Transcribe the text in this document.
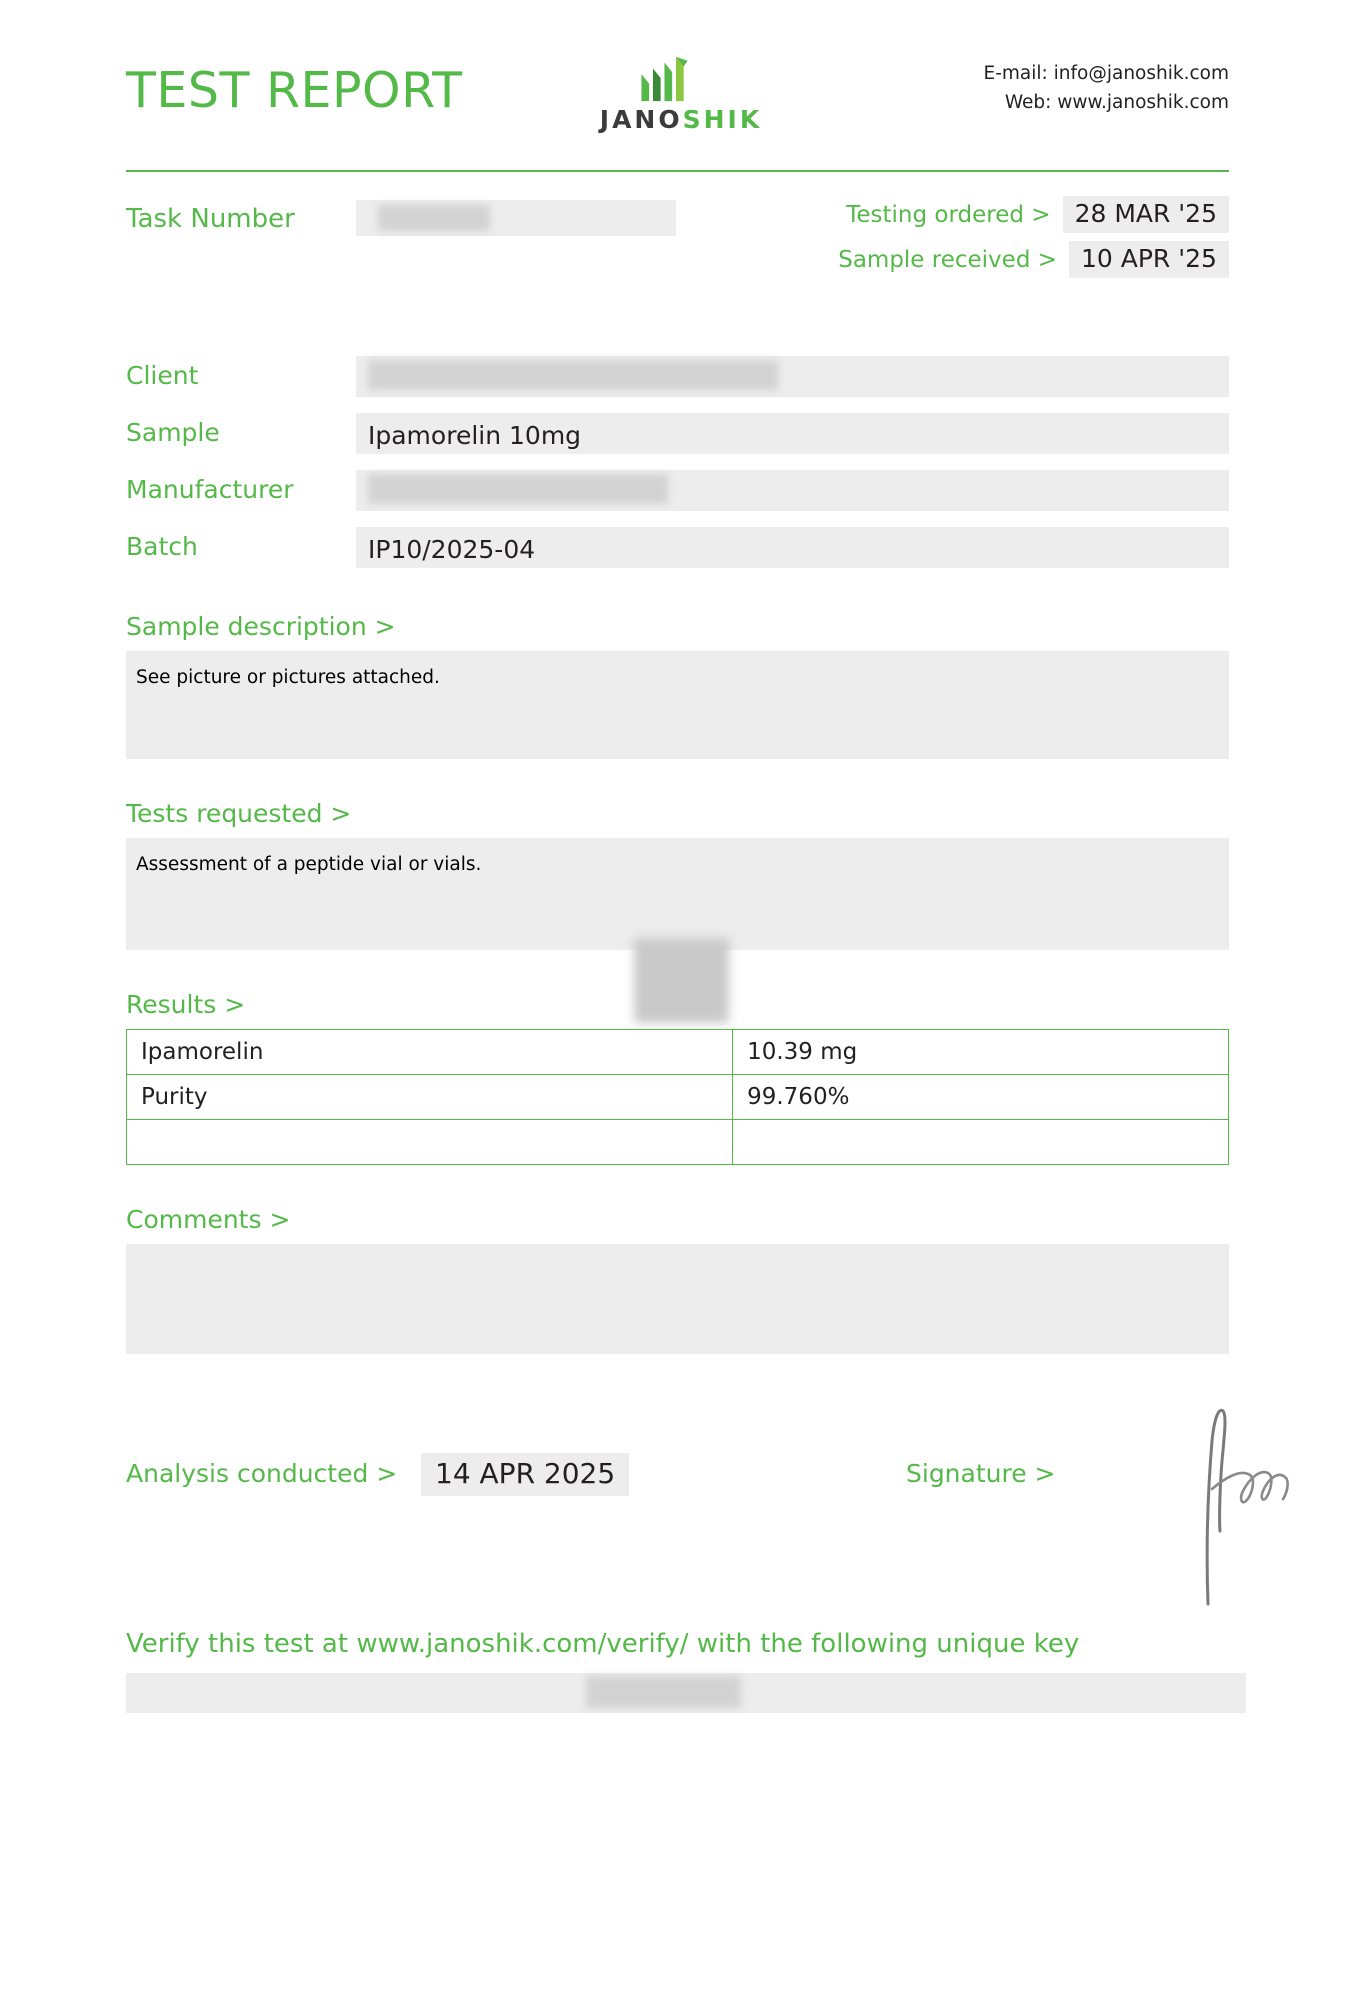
TEST REPORT
JANOSHIK
E-mail: info@janoshik.com
Web: www.janoshik.com
Task Number	Testing ordered > 28 MAR '25
Sample received > 10 APR '25
Client
Sample	Ipamorelin 10mg
Manufacturer
Batch	IP10/2025-04
Sample description >
See picture or pictures attached.
Tests requested >
Assessment of a peptide vial or vials.
Results >
Ipamorelin	10.39 mg
Purity	99.760%

Comments >
Analysis conducted >	14 APR 2025	Signature >
Verify this test at www.janoshik.com/verify/ with the following unique key
